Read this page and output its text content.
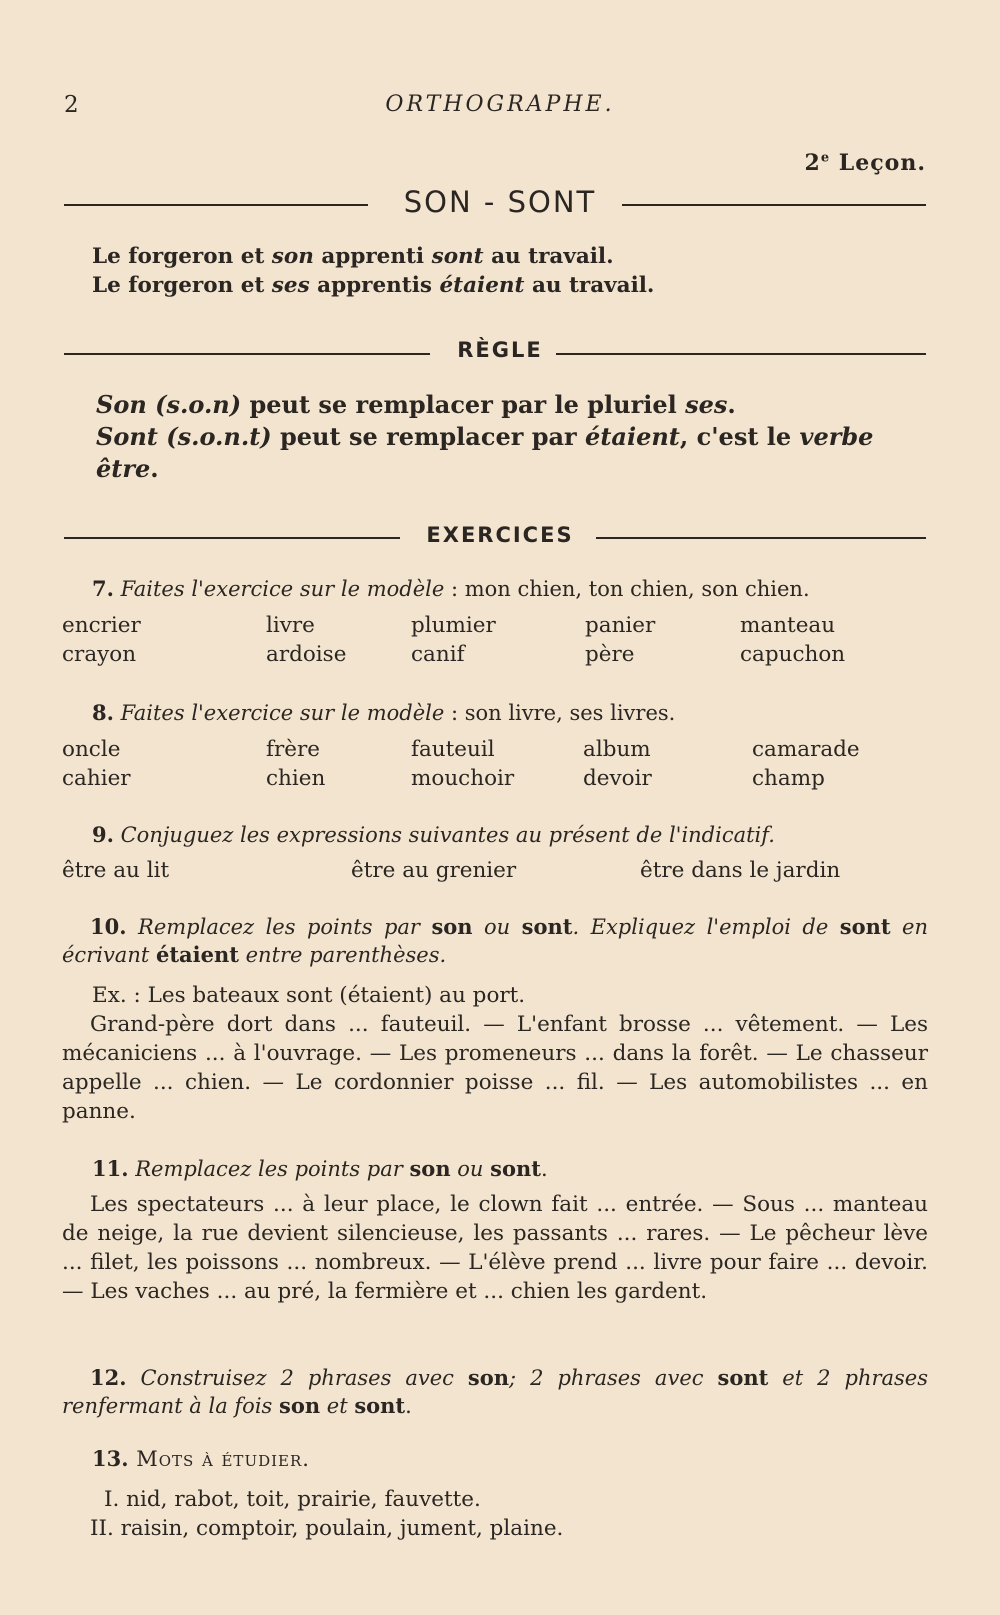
2	ORTHOGRAPHE.
2e Leçon.
SON - SONT
Le forgeron et son apprenti sont au travail.
Le forgeron et ses apprentis étaient au travail.
RÈGLE
Son (s.o.n) peut se remplacer par le pluriel ses.
Sont (s.o.n.t) peut se remplacer par étaient, c'est le verbe être.
EXERCICES
7. Faites l'exercice sur le modèle : mon chien, ton chien, son chien.
encrier	livre	plumier	panier	manteau
crayon	ardoise	canif	père	capuchon
8. Faites l'exercice sur le modèle : son livre, ses livres.
oncle	frère	fauteuil	album	camarade
cahier	chien	mouchoir	devoir	champ
9. Conjuguez les expressions suivantes au présent de l'indicatif.
être au lit	être au grenier	être dans le jardin
10. Remplacez les points par son ou sont. Expliquez l'emploi de sont en écrivant étaient entre parenthèses.
Ex. : Les bateaux sont (étaient) au port.
Grand-père dort dans ... fauteuil. — L'enfant brosse ... vêtement. — Les mécaniciens ... à l'ouvrage. — Les promeneurs ... dans la forêt. — Le chasseur appelle ... chien. — Le cordonnier poisse ... fil. — Les automobilistes ... en panne.
11. Remplacez les points par son ou sont.
Les spectateurs ... à leur place, le clown fait ... entrée. — Sous ... manteau de neige, la rue devient silencieuse, les passants ... rares. — Le pêcheur lève ... filet, les poissons ... nombreux. — L'élève prend ... livre pour faire ... devoir. — Les vaches ... au pré, la fermière et ... chien les gardent.
12. Construisez 2 phrases avec son; 2 phrases avec sont et 2 phrases renfermant à la fois son et sont.
13. Mots à étudier.
I. nid, rabot, toit, prairie, fauvette.
II. raisin, comptoir, poulain, jument, plaine.
